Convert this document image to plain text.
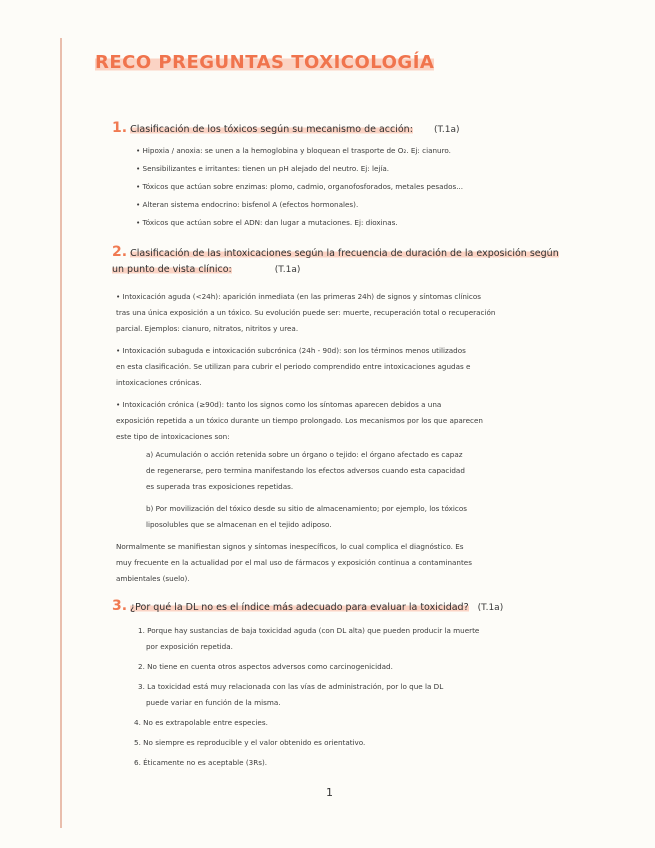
RECO PREGUNTAS TOXICOLOGÍA
1. Clasificación de los tóxicos según su mecanismo de acción: (T.1a)
• Hipoxia / anoxia: se unen a la hemoglobina y bloquean el trasporte de O₂. Ej: cianuro.
• Sensibilizantes e irritantes: tienen un pH alejado del neutro. Ej: lejía.
• Tóxicos que actúan sobre enzimas: plomo, cadmio, organofosforados, metales pesados...
• Alteran sistema endocrino: bisfenol A (efectos hormonales).
• Tóxicos que actúan sobre el ADN: dan lugar a mutaciones. Ej: dioxinas.
2. Clasificación de las intoxicaciones según la frecuencia de duración de la exposición según
un punto de vista clínico:	(T.1a)
• Intoxicación aguda (<24h): aparición inmediata (en las primeras 24h) de signos y síntomas clínicos
tras una única exposición a un tóxico. Su evolución puede ser: muerte, recuperación total o recuperación
parcial. Ejemplos: cianuro, nitratos, nitritos y urea.
• Intoxicación subaguda e intoxicación subcrónica (24h - 90d): son los términos menos utilizados
en esta clasificación. Se utilizan para cubrir el periodo comprendido entre intoxicaciones agudas e
intoxicaciones crónicas.
• Intoxicación crónica (≥90d): tanto los signos como los síntomas aparecen debidos a una
exposición repetida a un tóxico durante un tiempo prolongado. Los mecanismos por los que aparecen
este tipo de intoxicaciones son:
a) Acumulación o acción retenida sobre un órgano o tejido: el órgano afectado es capaz
de regenerarse, pero termina manifestando los efectos adversos cuando esta capacidad
es superada tras exposiciones repetidas.
b) Por movilización del tóxico desde su sitio de almacenamiento; por ejemplo, los tóxicos
liposolubles que se almacenan en el tejido adiposo.
Normalmente se manifiestan signos y síntomas inespecíficos, lo cual complica el diagnóstico. Es
muy frecuente en la actualidad por el mal uso de fármacos y exposición continua a contaminantes
ambientales (suelo).
3. ¿Por qué la DL no es el índice más adecuado para evaluar la toxicidad? (T.1a)
1. Porque hay sustancias de baja toxicidad aguda (con DL alta) que pueden producir la muerte
por exposición repetida.
2. No tiene en cuenta otros aspectos adversos como carcinogenicidad.
3. La toxicidad está muy relacionada con las vías de administración, por lo que la DL
puede variar en función de la misma.
4. No es extrapolable entre especies.
5. No siempre es reproducible y el valor obtenido es orientativo.
6. Éticamente no es aceptable (3Rs).
1
